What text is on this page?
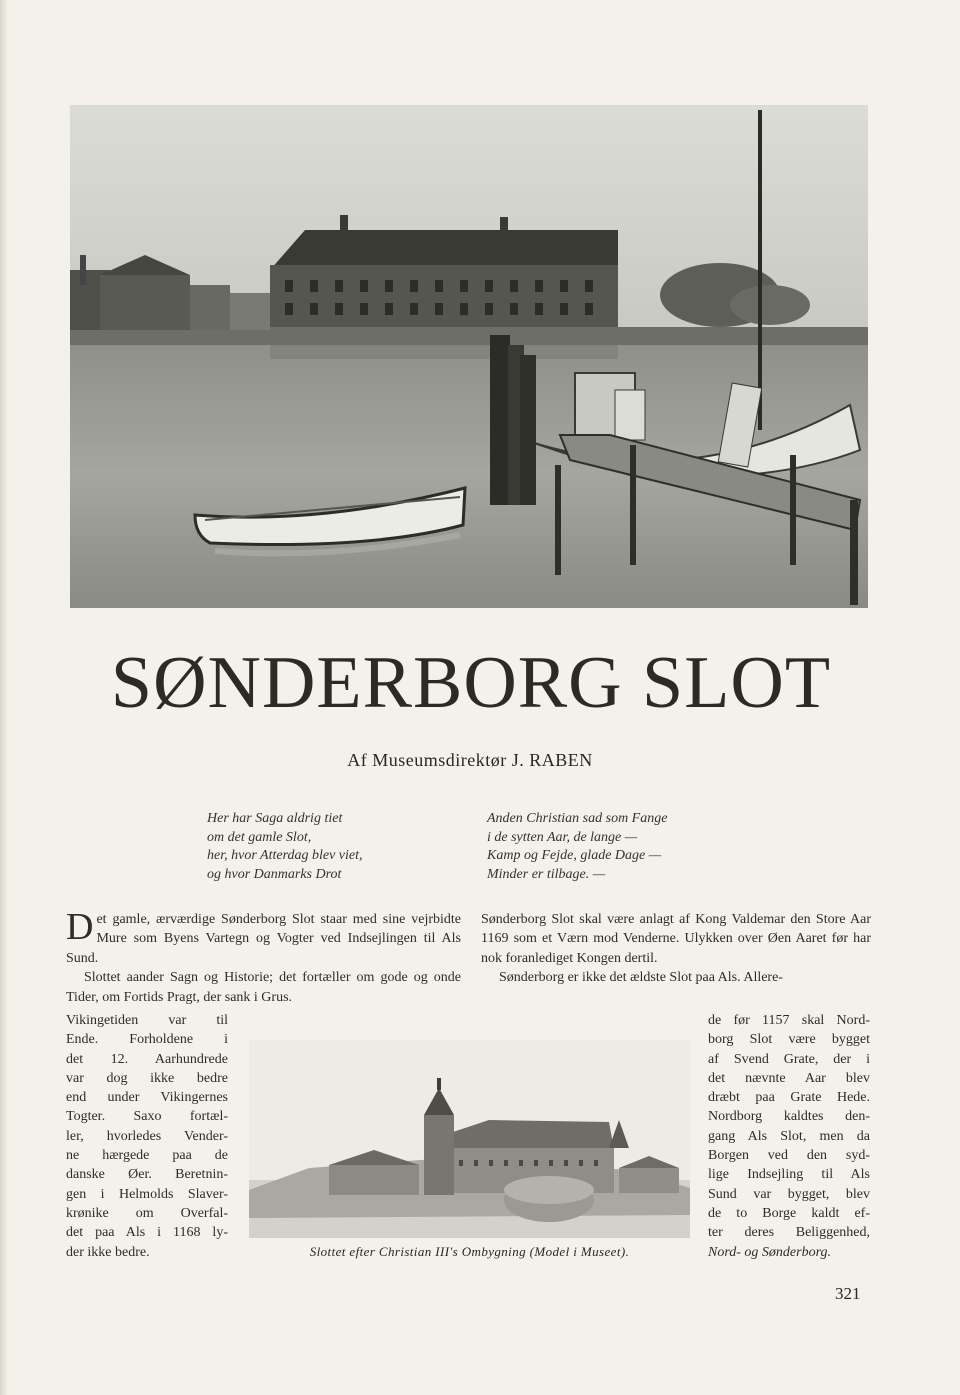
SØNDERBORG SLOT
Af Museumsdirektør J. RABEN
Her har Saga aldrig tiet
om det gamle Slot,
her, hvor Atterdag blev viet,
og hvor Danmarks Drot
Anden Christian sad som Fange
i de sytten Aar, de lange —
Kamp og Fejde, glade Dage —
Minder er tilbage. —

Det gamle, ærværdige Sønderborg Slot staar med sine vejrbidte Mure som Byens Vartegn og Vogter ved Indsejlingen til Als Sund.

Slottet aander Sagn og Historie; det fortæller om gode og onde Tider, om Fortids Pragt, der sank i Grus.

Vikingetiden var til
Ende. Forholdene i
det 12. Aarhundrede
var dog ikke bedre
end under Vikingernes
Togter. Saxo fortæl-
ler, hvorledes Vender-
ne hærgede paa de
danske Øer. Beretnin-
gen i Helmolds Slaver-
krønike om Overfal-
det paa Als i 1168 ly-
der ikke bedre.

Sønderborg Slot skal være anlagt af Kong Valdemar den Store Aar 1169 som et Værn mod Venderne. Ulykken over Øen Aaret før har nok foranlediget Kongen dertil.

Sønderborg er ikke det ældste Slot paa Als. Allere-

de før 1157 skal Nord-
borg Slot være bygget
af Svend Grate, der i
det nævnte Aar blev
dræbt paa Grate Hede.
Nordborg kaldtes den-
gang Als Slot, men da
Borgen ved den syd-
lige Indsejling til Als
Sund var bygget, blev
de to Borge kaldt ef-
ter deres Beliggenhed,
Nord- og Sønderborg.
Slottet efter Christian III's Ombygning (Model i Museet).
321
